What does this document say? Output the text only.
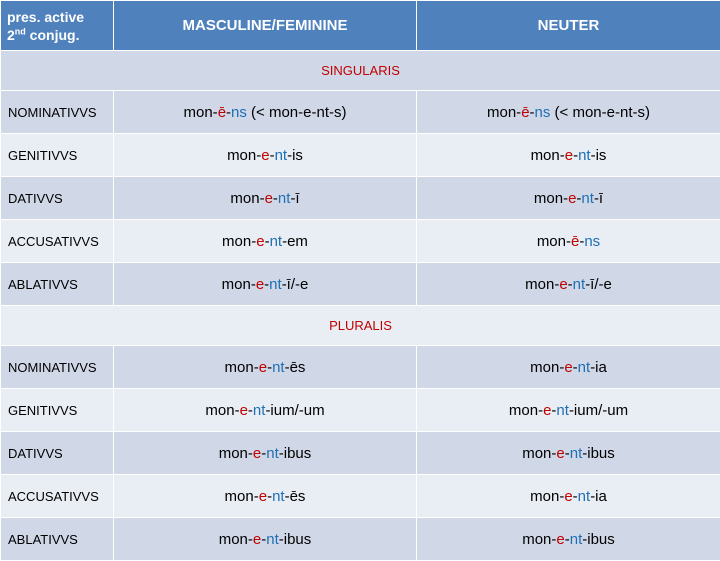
pres. active
2nd conjug.	MASCULINE/FEMININE	NEUTER
SINGULARIS		
NOMINATIVVS	mon-ē-ns (< mon-e-nt-s)	mon-ē-ns (< mon-e-nt-s)
GENITIVVS	mon-e-nt-is	mon-e-nt-is
DATIVVS	mon-e-nt-ī	mon-e-nt-ī
ACCUSATIVVS	mon-e-nt-em	mon-ē-ns
ABLATIVVS	mon-e-nt-ī/-e	mon-e-nt-ī/-e
PLURALIS		
NOMINATIVVS	mon-e-nt-ēs	mon-e-nt-ia
GENITIVVS	mon-e-nt-ium/-um	mon-e-nt-ium/-um
DATIVVS	mon-e-nt-ibus	mon-e-nt-ibus
ACCUSATIVVS	mon-e-nt-ēs	mon-e-nt-ia
ABLATIVVS	mon-e-nt-ibus	mon-e-nt-ibus
